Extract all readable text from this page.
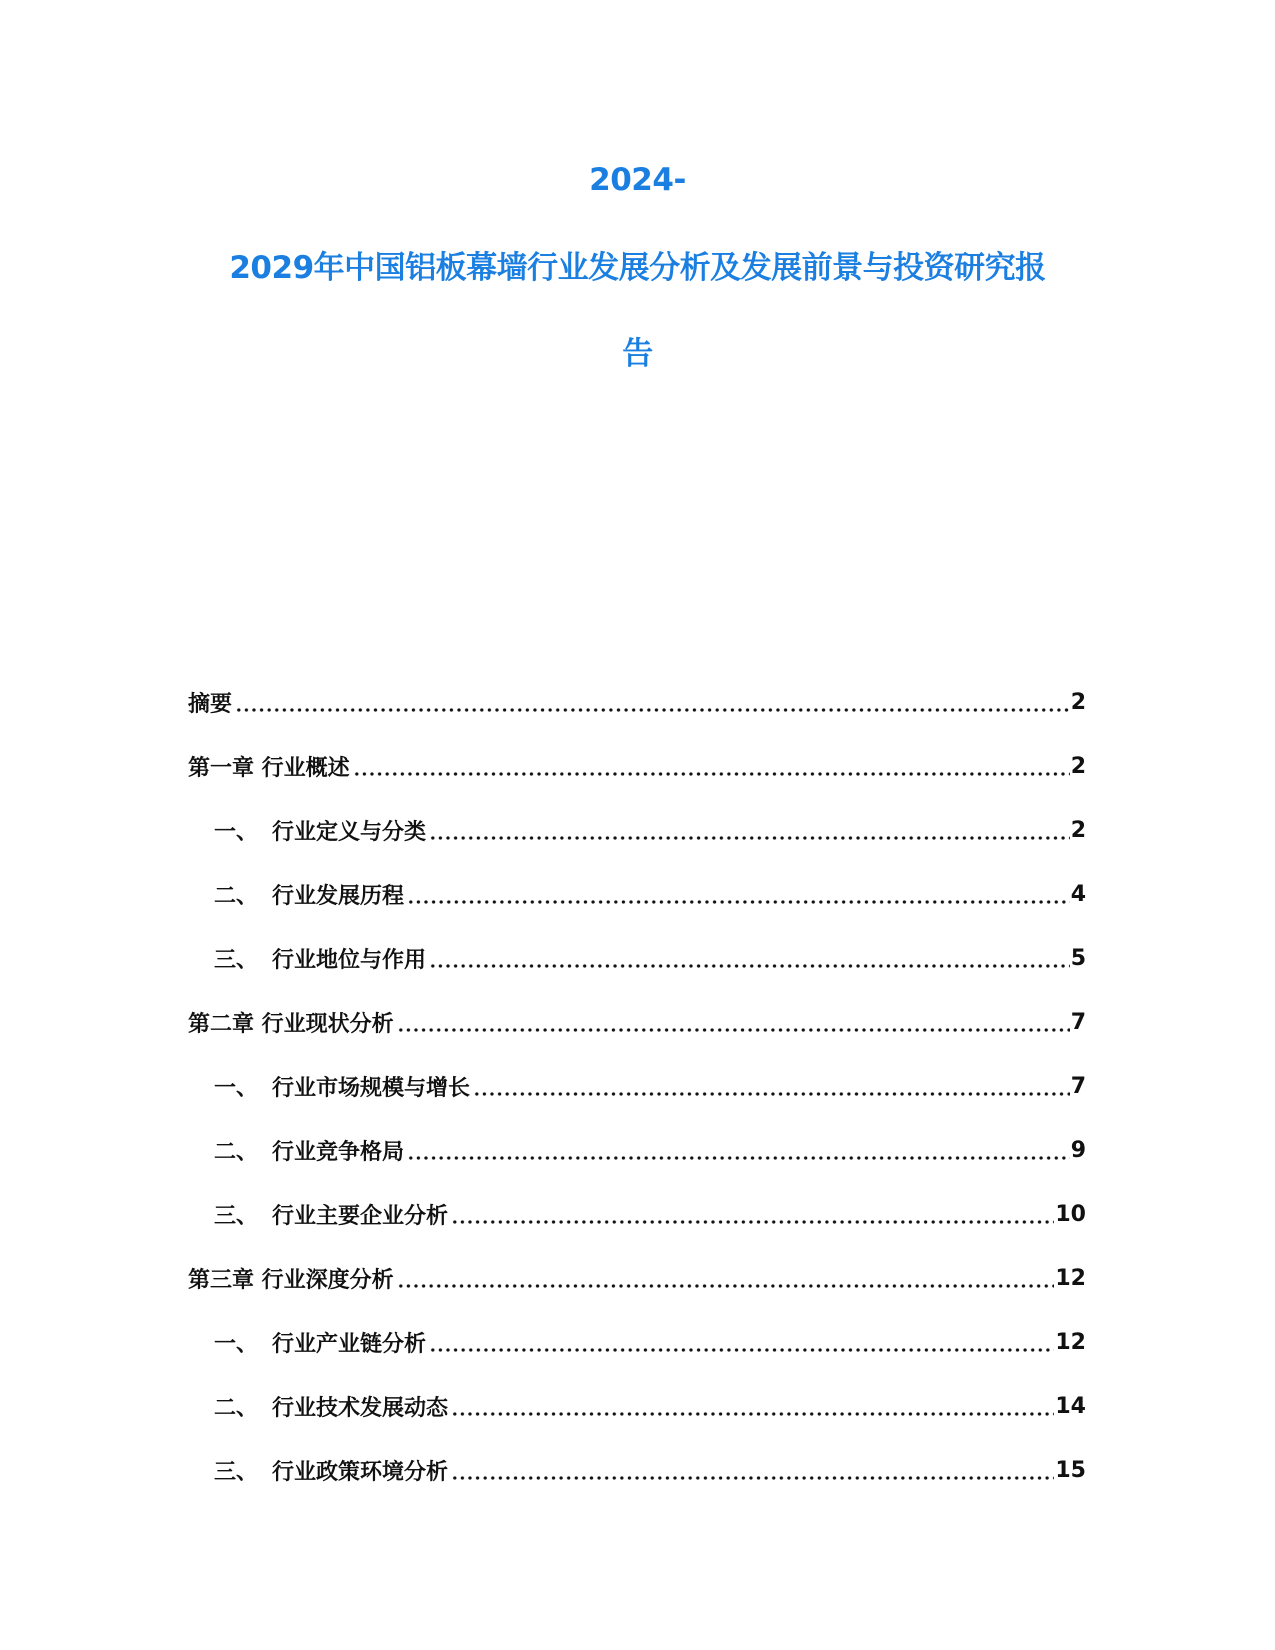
2024-
2029年中国铝板幕墙行业发展分析及发展前景与投资研究报
告
摘要	2
第一章 行业概述	2
一、 行业定义与分类	2
二、 行业发展历程	4
三、 行业地位与作用	5
第二章 行业现状分析	7
一、 行业市场规模与增长	7
二、 行业竞争格局	9
三、 行业主要企业分析	10
第三章 行业深度分析	12
一、 行业产业链分析	12
二、 行业技术发展动态	14
三、 行业政策环境分析	15
